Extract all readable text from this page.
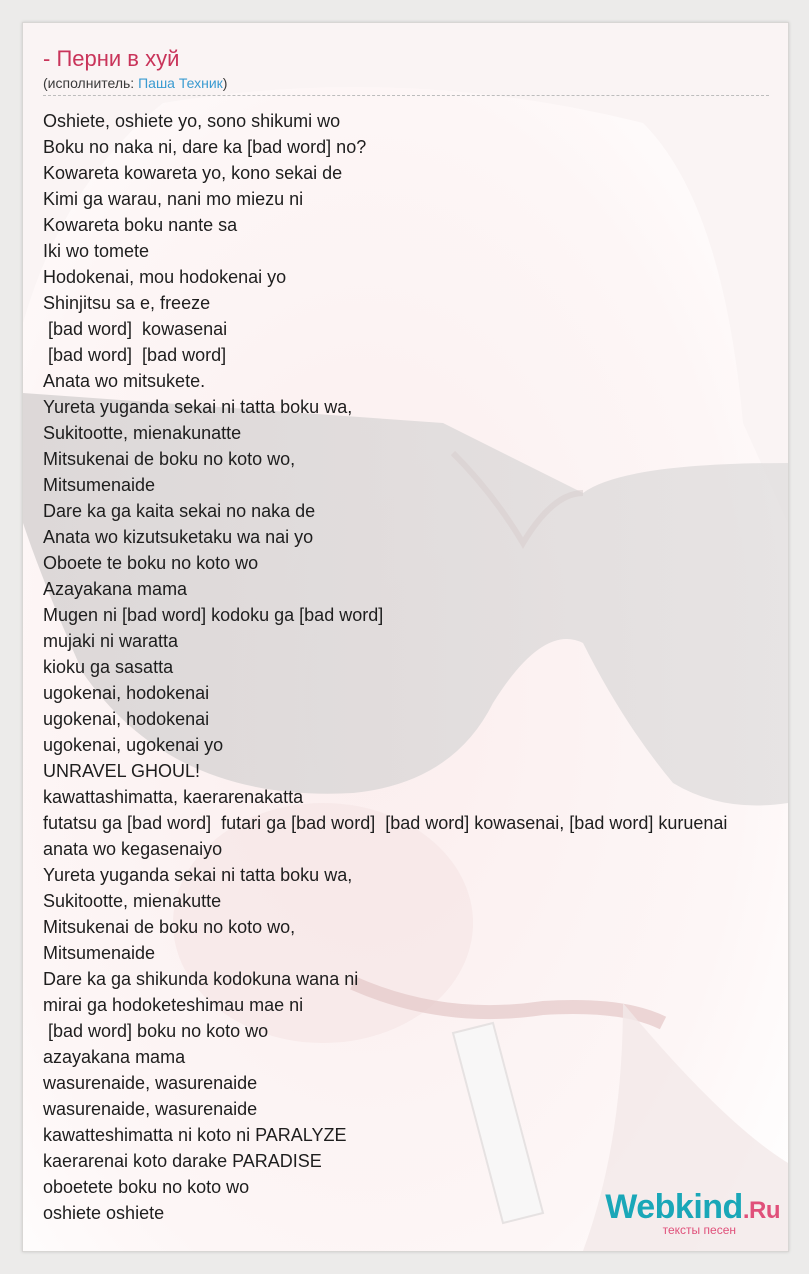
- Перни в хуй
(исполнитель: Паша Техник)
Oshiete, oshiete yo, sono shikumi wo
Boku no naka ni, dare ka [bad word] no?
Kowareta kowareta yo, kono sekai de
Kimi ga warau, nani mo miezu ni
Kowareta boku nante sa
Iki wo tomete
Hodokenai, mou hodokenai yo
Shinjitsu sa e, freeze
[bad word]  kowasenai
[bad word]  [bad word]
Anata wo mitsukete.
Yureta yuganda sekai ni tatta boku wa,
Sukitootte, mienakunatte
Mitsukenai de boku no koto wo,
Mitsumenaide
Dare ka ga kaita sekai no naka de
Anata wo kizutsuketaku wa nai yo
Oboete te boku no koto wo
Azayakana mama
Mugen ni [bad word] kodoku ga [bad word]
mujaki ni waratta
kioku ga sasatta
ugokenai, hodokenai
ugokenai, hodokenai
ugokenai, ugokenai yo
UNRAVEL GHOUL!
kawattashimatta, kaerarenakatta
futatsu ga [bad word]  futari ga [bad word]  [bad word] kowasenai, [bad word] kuruenai
anata wo kegasenaiyo
Yureta yuganda sekai ni tatta boku wa,
Sukitootte, mienakutte
Mitsukenai de boku no koto wo,
Mitsumenaide
Dare ka ga shikunda kodokuna wana ni
mirai ga hodoketeshimau mae ni
[bad word] boku no koto wo
azayakana mama
wasurenaide, wasurenaide
wasurenaide, wasurenaide
kawatteshimatta ni koto ni PARALYZE
kaerarenai koto darake PARADISE
oboetete boku no koto wo
oshiete oshiete	Webkind.Ru
тексты песен
